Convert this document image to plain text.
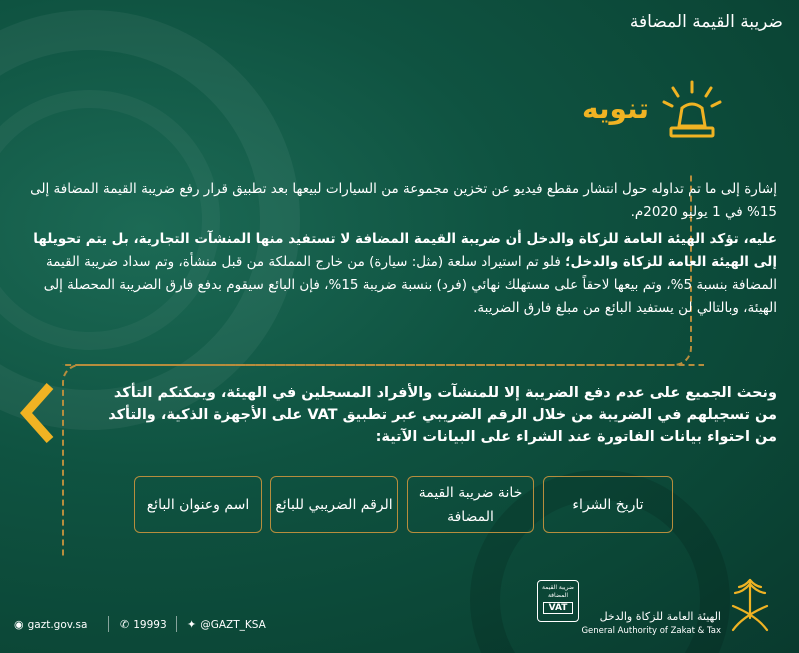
ضريبة القيمة المضافة
تنويه
إشارة إلى ما تم تداوله حول انتشار مقطع فيديو عن تخزين مجموعة من السيارات لبيعها بعد تطبيق قرار رفع ضريبة القيمة المضافة إلى 15% في 1 يوليو 2020م.
عليه، تؤكد الهيئة العامة للزكاة والدخل أن ضريبة القيمة المضافة لا تستفيد منها المنشآت التجارية، بل يتم تحويلها إلى الهيئة العامة للزكاة والدخل؛ فلو تم استيراد سلعة (مثل: سيارة) من خارج المملكة من قبل منشأة، وتم سداد ضريبة القيمة المضافة بنسبة 5%، وتم بيعها لاحقاً على مستهلك نهائي (فرد) بنسبة ضريبة 15%، فإن البائع سيقوم بدفع فارق الضريبة المحصلة إلى الهيئة، وبالتالي لن يستفيد البائع من مبلغ فارق الضريبة.
ونحث الجميع على عدم دفع الضريبة إلا للمنشآت والأفراد المسجلين في الهيئة، ويمكنكم التأكد من تسجيلهم في الضريبة من خلال الرقم الضريبي عبر تطبيق VAT على الأجهزة الذكية، والتأكد من احتواء بيانات الفاتورة عند الشراء على البيانات الآتية:
تاريخ الشراء
خانة ضريبة القيمة المضافة
الرقم الضريبي للبائع
اسم وعنوان البائع
◉ gazt.gov.sa	✆ 19993 ✦ @GAZT_KSA
ضريبة القيمة المضافة
VAT
الهيئة العامة للزكاة والدخل
General Authority of Zakat & Tax
